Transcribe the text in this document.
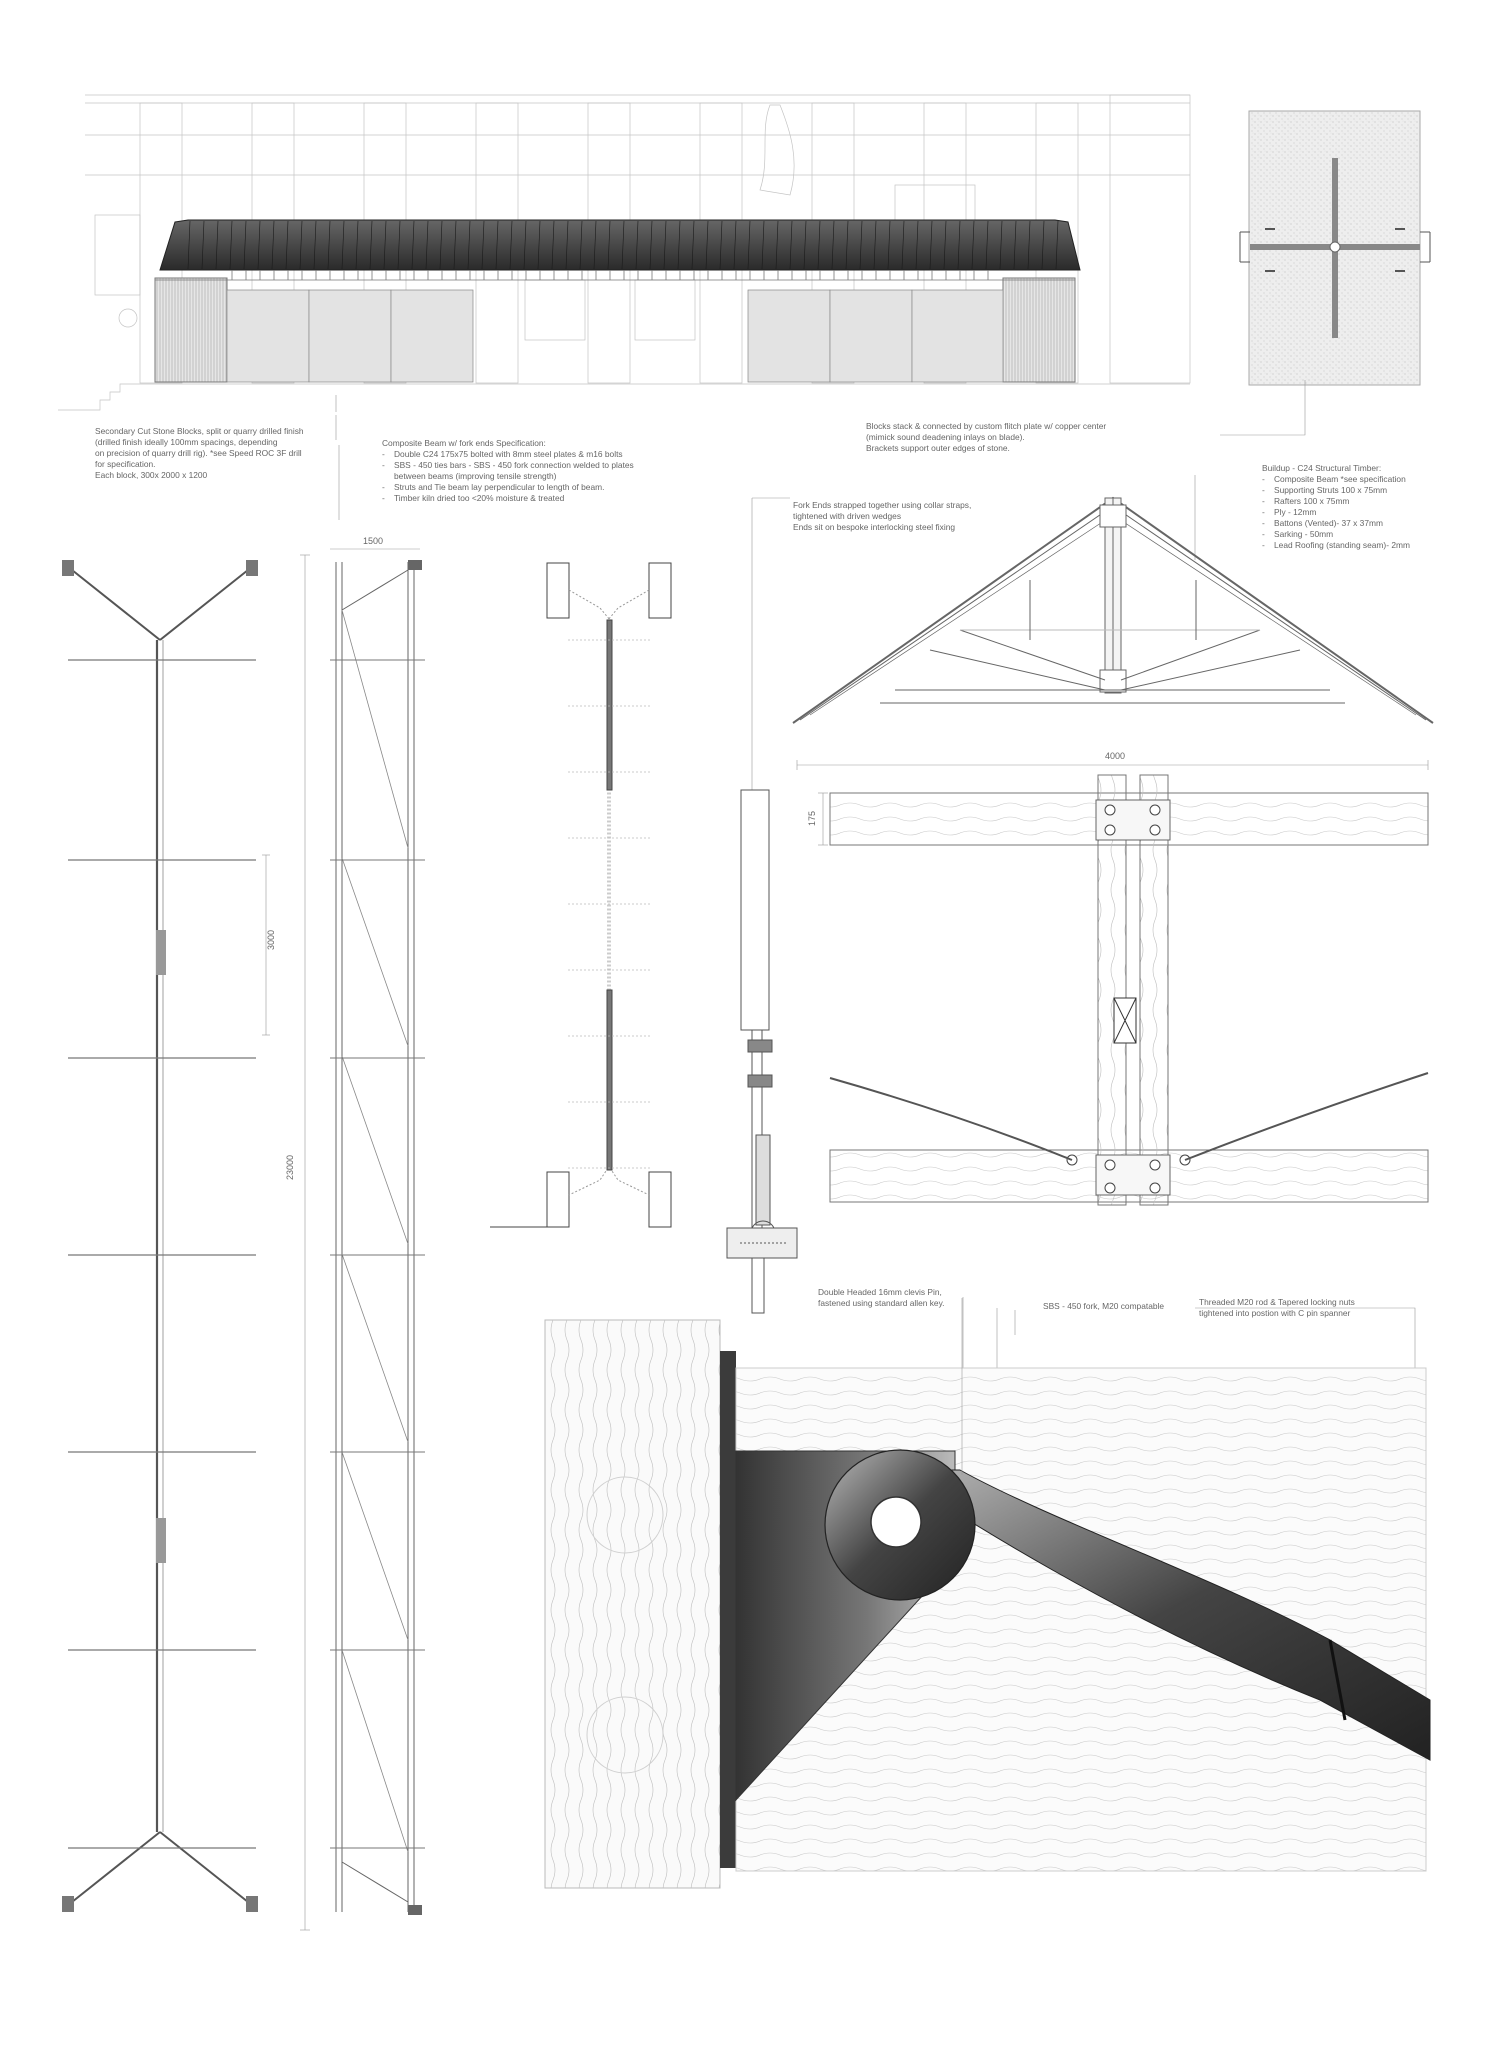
Secondary Cut Stone Blocks, split or quarry drilled finish
(drilled finish ideally 100mm spacings, depending
on precision of quarry drill rig). *see Speed ROC 3F drill
for specification.
Each block, 300x 2000 x 1200
Composite Beam w/ fork ends Specification:
- Double C24 175x75 bolted with 8mm steel plates & m16 bolts
- SBS - 450 ties bars - SBS - 450 fork connection welded to plates between beams (improving tensile strength)
- Struts and Tie beam lay perpendicular to length of beam.
- Timber kiln dried too <20% moisture & treated
Blocks stack & connected by custom flitch plate w/ copper center
(mimick sound deadening inlays on blade).
Brackets support outer edges of stone.
Buildup - C24 Structural Timber:
- Composite Beam *see specification
- Supporting Struts 100 x 75mm
- Rafters 100 x 75mm
- Ply - 12mm
- Battons (Vented)- 37 x 37mm
- Sarking - 50mm
- Lead Roofing (standing seam)- 2mm
Fork Ends strapped together using collar straps,
tightened with driven wedges
Ends sit on bespoke interlocking steel fixing
Double Headed 16mm clevis Pin,
fastened using standard allen key.	SBS - 450 fork, M20 compatable	Threaded M20 rod & Tapered locking nuts
tightened into postion with C pin spanner
3000
23000
1500
4000
175
